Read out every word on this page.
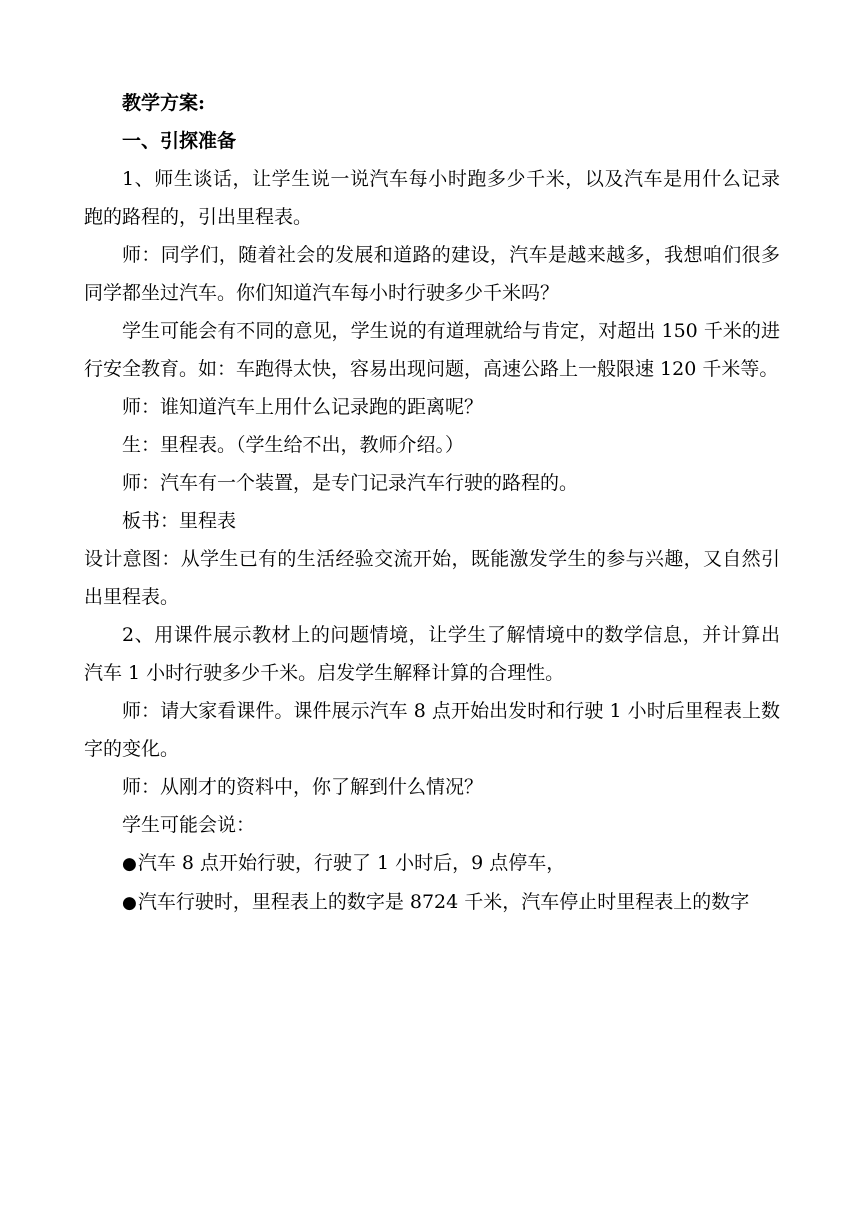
教学方案:

一、引探准备

1、师生谈话，让学生说一说汽车每小时跑多少千米，以及汽车是用什么记录跑的路程的，引出里程表。

师：同学们，随着社会的发展和道路的建设，汽车是越来越多，我想咱们很多同学都坐过汽车。你们知道汽车每小时行驶多少千米吗？

学生可能会有不同的意见，学生说的有道理就给与肯定，对超出 150 千米的进行安全教育。如：车跑得太快，容易出现问题，高速公路上一般限速 120 千米等。

师：谁知道汽车上用什么记录跑的距离呢？

生：里程表。（学生给不出，教师介绍。）

师：汽车有一个装置，是专门记录汽车行驶的路程的。

板书：里程表

设计意图：从学生已有的生活经验交流开始，既能激发学生的参与兴趣，又自然引出里程表。

2、用课件展示教材上的问题情境，让学生了解情境中的数学信息，并计算出汽车 1 小时行驶多少千米。启发学生解释计算的合理性。

师：请大家看课件。课件展示汽车 8 点开始出发时和行驶 1 小时后里程表上数字的变化。

师：从刚才的资料中，你了解到什么情况？

学生可能会说：

●汽车 8 点开始行驶，行驶了 1 小时后，9 点停车，

●汽车行驶时，里程表上的数字是 8724 千米，汽车停止时里程表上的数字
